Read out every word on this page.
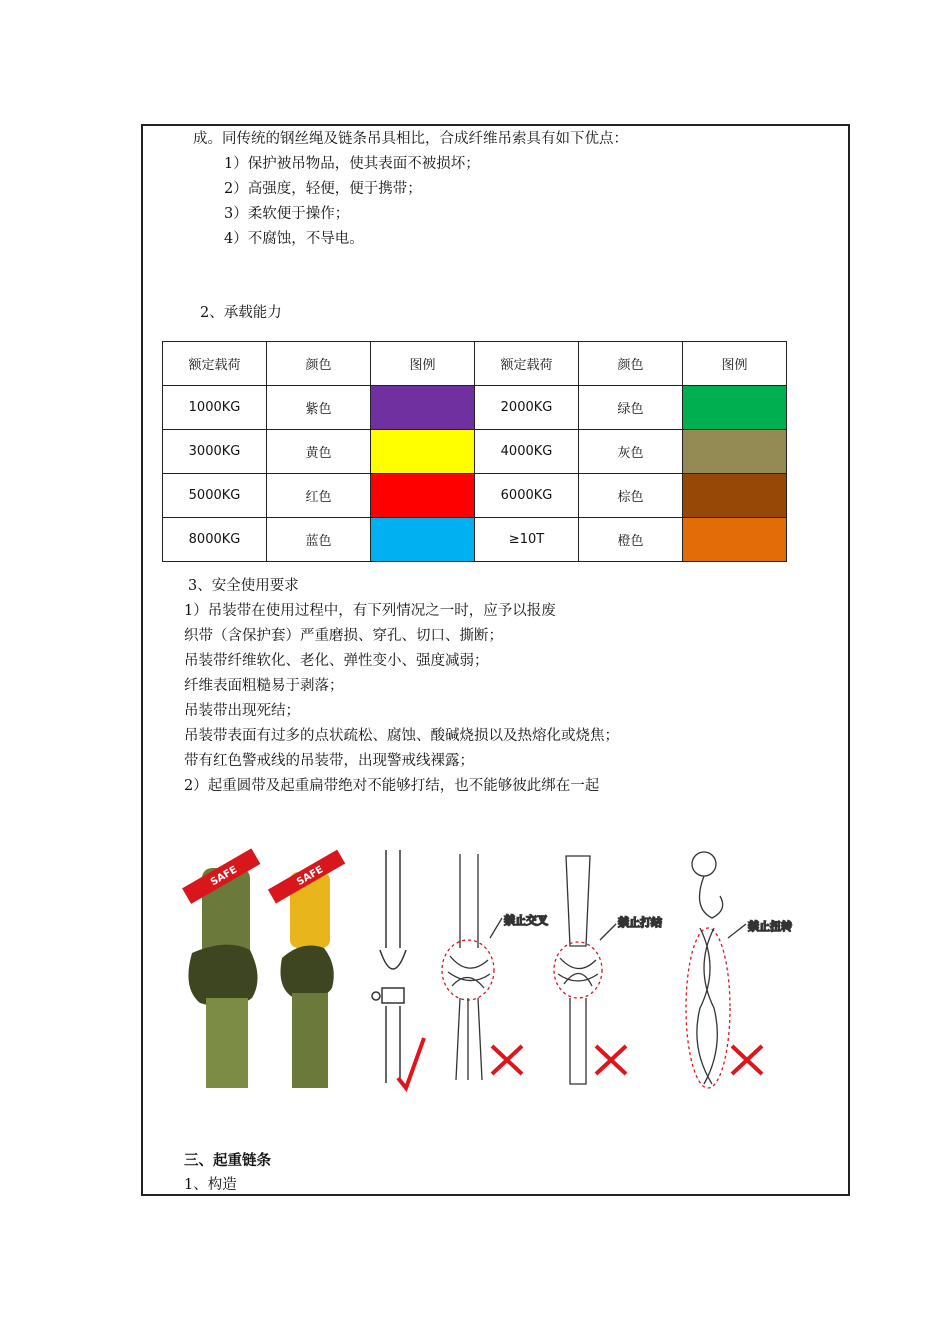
成。同传统的钢丝绳及链条吊具相比，合成纤维吊索具有如下优点：
1）保护被吊物品，使其表面不被损坏；
2）高强度，轻便，便于携带；
3）柔软便于操作；
4）不腐蚀，不导电。
2、承载能力
额定载荷	颜色	图例	额定载荷	颜色	图例
1000KG	紫色		2000KG	绿色	

3000KG	黄色		4000KG	灰色	

5000KG	红色		6000KG	棕色	

8000KG	蓝色		≥10T	橙色	
3、安全使用要求
1）吊装带在使用过程中，有下列情况之一时，应予以报废
织带（含保护套）严重磨损、穿孔、切口、撕断；
吊装带纤维软化、老化、弹性变小、强度减弱；
纤维表面粗糙易于剥落；
吊装带出现死结；
吊装带表面有过多的点状疏松、腐蚀、酸碱烧损以及热熔化或烧焦；
带有红色警戒线的吊装带，出现警戒线裸露；
2）起重圆带及起重扁带绝对不能够打结，也不能够彼此绑在一起
SAFE	SAFE
禁止交叉	禁止打结	禁止扭转
三、起重链条
1、构造
